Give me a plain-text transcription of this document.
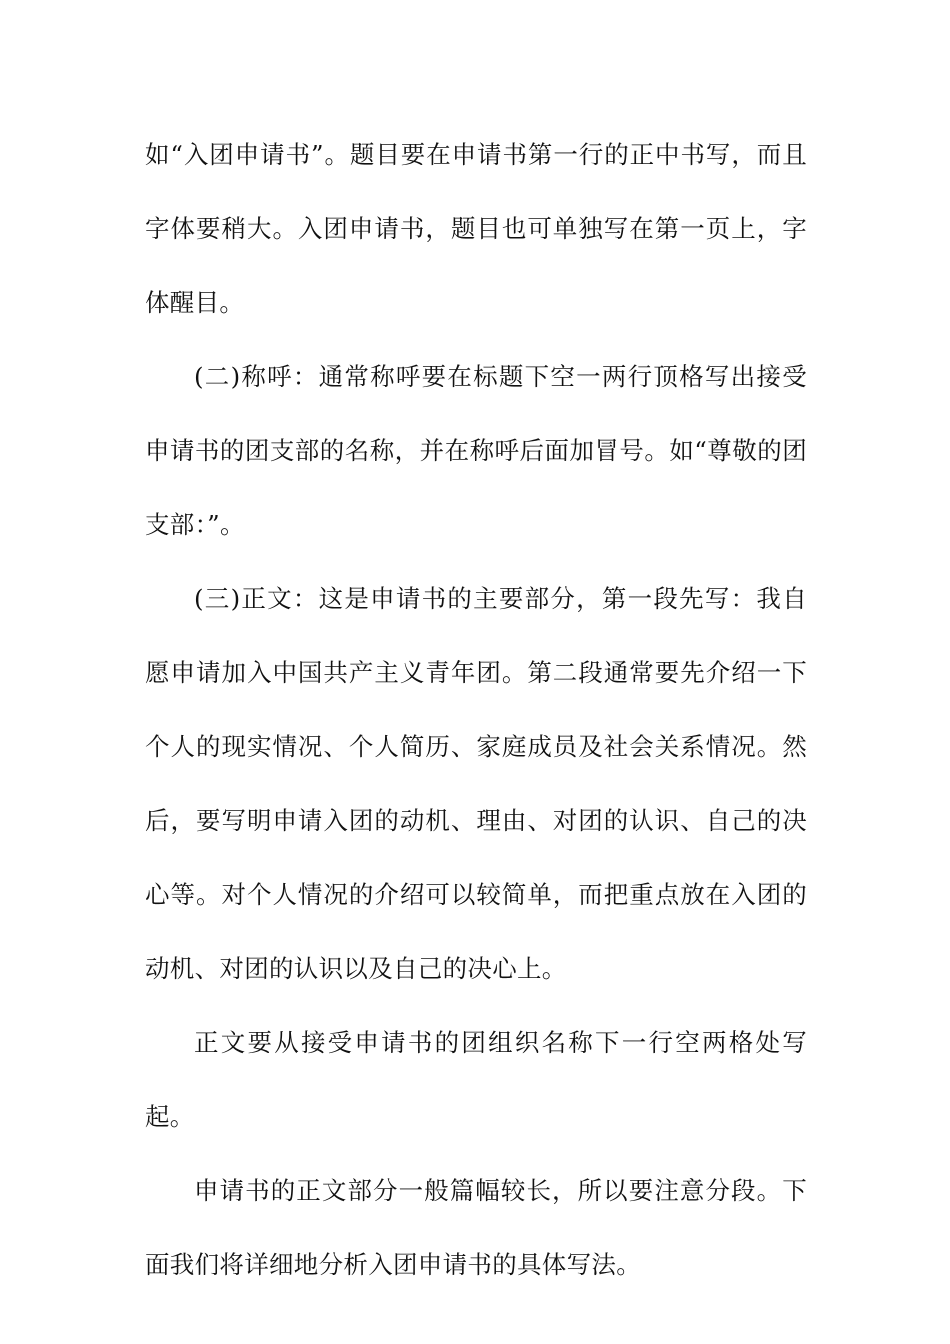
如“入团申请书”。题目要在申请书第一行的正中书写，而且字体要稍大。入团申请书，题目也可单独写在第一页上，字体醒目。

(二)称呼：通常称呼要在标题下空一两行顶格写出接受申请书的团支部的名称，并在称呼后面加冒号。如“尊敬的团支部：”。

(三)正文：这是申请书的主要部分，第一段先写：我自愿申请加入中国共产主义青年团。第二段通常要先介绍一下个人的现实情况、个人简历、家庭成员及社会关系情况。然后，要写明申请入团的动机、理由、对团的认识、自己的决心等。对个人情况的介绍可以较简单，而把重点放在入团的动机、对团的认识以及自己的决心上。

正文要从接受申请书的团组织名称下一行空两格处写起。

申请书的正文部分一般篇幅较长，所以要注意分段。下面我们将详细地分析入团申请书的具体写法。
